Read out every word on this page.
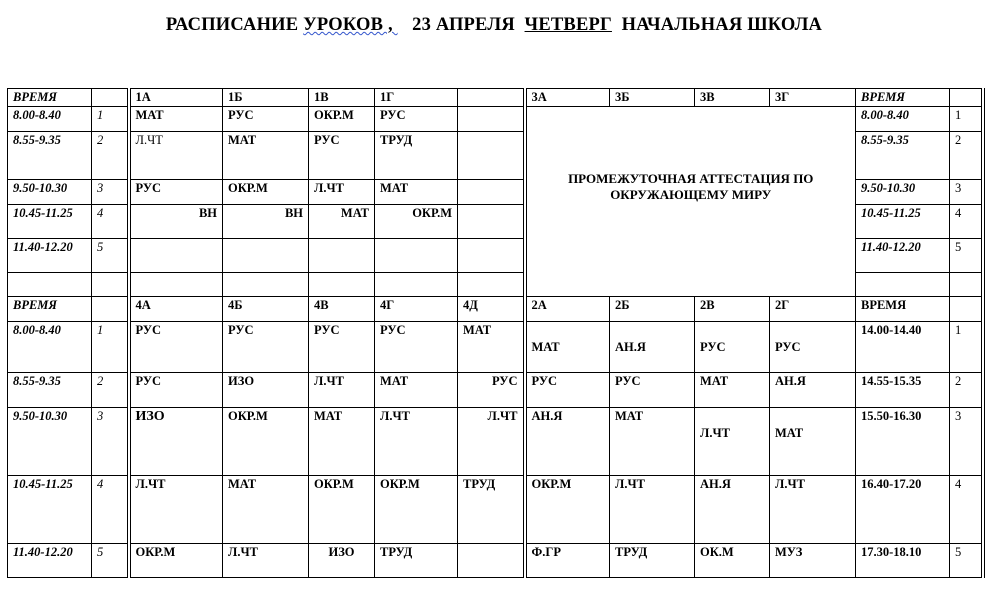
РАСПИСАНИЕ УРОКОВ ,    23 АПРЕЛЯ  ЧЕТВЕРГ  НАЧАЛЬНАЯ ШКОЛА
ВРЕМЯ		1А	1Б	1В	1Г		3А	3Б	3В	3Г	ВРЕМЯ	
8.00-8.40	1	МАТ	РУС	ОКР.М	РУС		ПРОМЕЖУТОЧНАЯ АТТЕСТАЦИЯ ПО ОКРУЖАЮЩЕМУ МИРУ				8.00-8.40	1
8.55-9.35	2	Л.ЧТ	МАТ	РУС	ТРУД						8.55-9.35	2
9.50-10.30	3	РУС	ОКР.М	Л.ЧТ	МАТ						9.50-10.30	3
10.45-11.25	4	ВН	ВН	МАТ	ОКР.М						10.45-11.25	4
11.40-12.20	5										11.40-12.20	5

ВРЕМЯ		4А	4Б	4В	4Г	4Д	2А	2Б	2В	2Г	ВРЕМЯ	
8.00-8.40	1	РУС	РУС	РУС	РУС	МАТ	МАТ	АН.Я	РУС	РУС	14.00-14.40	1
8.55-9.35	2	РУС	ИЗО	Л.ЧТ	МАТ	РУС	РУС	РУС	МАТ	АН.Я	14.55-15.35	2
9.50-10.30	3	ИЗО	ОКР.М	МАТ	Л.ЧТ	Л.ЧТ	АН.Я	МАТ	Л.ЧТ	МАТ	15.50-16.30	3
10.45-11.25	4	Л.ЧТ	МАТ	ОКР.М	ОКР.М	ТРУД	ОКР.М	Л.ЧТ	АН.Я	Л.ЧТ	16.40-17.20	4
11.40-12.20	5	ОКР.М	Л.ЧТ	ИЗО	ТРУД		Ф.ГР	ТРУД	ОК.М	МУЗ	17.30-18.10	5
